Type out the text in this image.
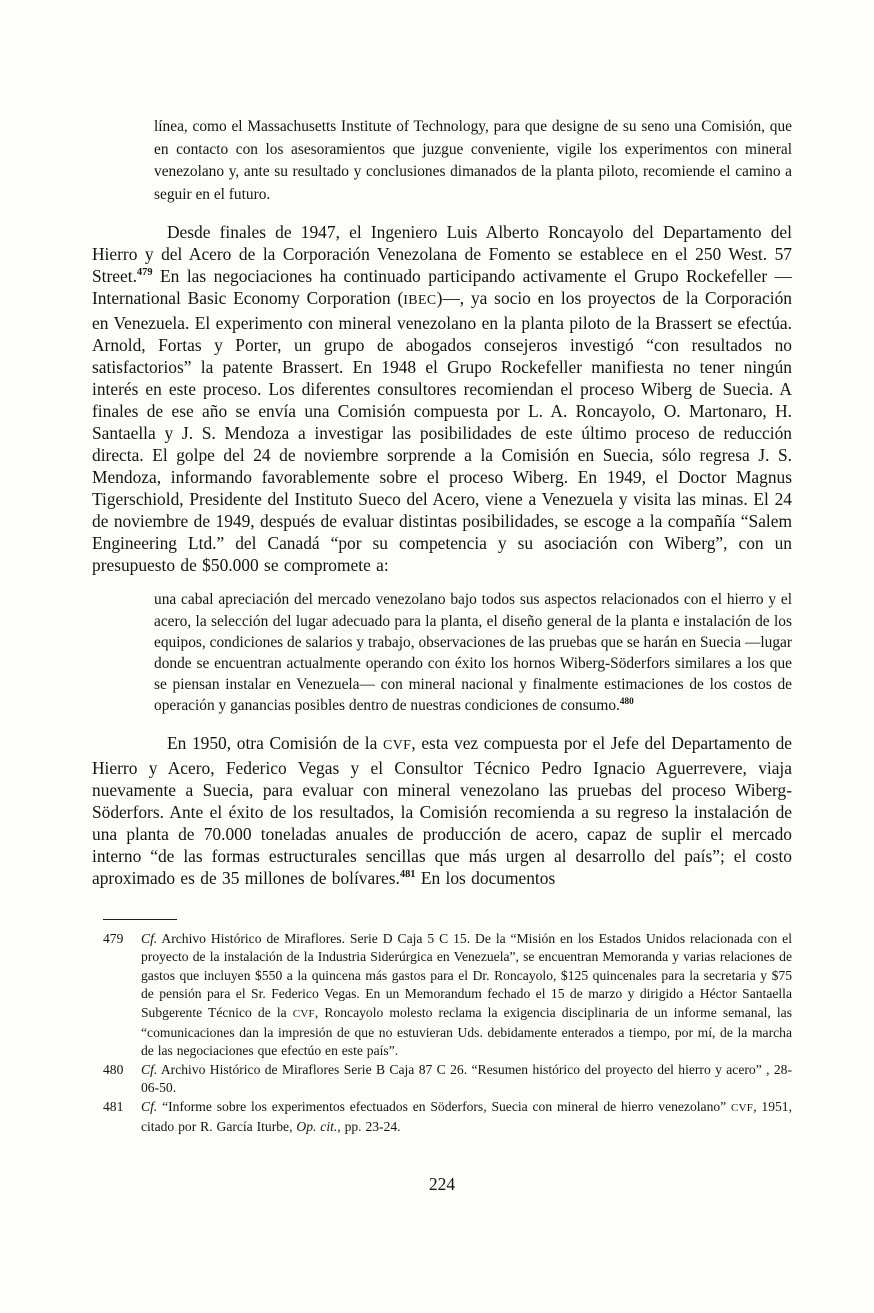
línea, como el Massachusetts Institute of Technology, para que designe de su seno una Comisión, que en contacto con los asesoramientos que juzgue conveniente, vigile los experimentos con mineral venezolano y, ante su resultado y conclusiones dimanados de la planta piloto, recomiende el camino a seguir en el futuro.

Desde finales de 1947, el Ingeniero Luis Alberto Roncayolo del Departamento del Hierro y del Acero de la Corporación Venezolana de Fomento se establece en el 250 West. 57 Street.$^{479}$ En las negociaciones ha continuado participando activamente el Grupo Rockefeller —International Basic Economy Corporation (IBEC)—, ya socio en los proyectos de la Corporación en Venezuela. El experimento con mineral venezolano en la planta piloto de la Brassert se efectúa. Arnold, Fortas y Porter, un grupo de abogados consejeros investigó “con resultados no satisfactorios” la patente Brassert. En 1948 el Grupo Rockefeller manifiesta no tener ningún interés en este proceso. Los diferentes consultores recomiendan el proceso Wiberg de Suecia. A finales de ese año se envía una Comisión compuesta por L. A. Roncayolo, O. Martonaro, H. Santaella y J. S. Mendoza a investigar las posibilidades de este último proceso de reducción directa. El golpe del 24 de noviembre sorprende a la Comisión en Suecia, sólo regresa J. S. Mendoza, informando favorablemente sobre el proceso Wiberg. En 1949, el Doctor Magnus Tigerschiold, Presidente del Instituto Sueco del Acero, viene a Venezuela y visita las minas. El 24 de noviembre de 1949, después de evaluar distintas posibilidades, se escoge a la compañía “Salem Engineering Ltd.” del Canadá “por su competencia y su asociación con Wiberg”, con un presupuesto de $50.000 se compromete a:

una cabal apreciación del mercado venezolano bajo todos sus aspectos relacionados con el hierro y el acero, la selección del lugar adecuado para la planta, el diseño general de la planta e instalación de los equipos, condiciones de salarios y trabajo, observaciones de las pruebas que se harán en Suecia —lugar donde se encuentran actualmente operando con éxito los hornos Wiberg-Söderfors similares a los que se piensan instalar en Venezuela— con mineral nacional y finalmente estimaciones de los costos de operación y ganancias posibles dentro de nuestras condiciones de consumo.$^{480}$

En 1950, otra Comisión de la CVF, esta vez compuesta por el Jefe del Departamento de Hierro y Acero, Federico Vegas y el Consultor Técnico Pedro Ignacio Aguerrevere, viaja nuevamente a Suecia, para evaluar con mineral venezolano las pruebas del proceso Wiberg-Söderfors. Ante el éxito de los resultados, la Comisión recomienda a su regreso la instalación de una planta de 70.000 toneladas anuales de producción de acero, capaz de suplir el mercado interno “de las formas estructurales sencillas que más urgen al desarrollo del país”; el costo aproximado es de 35 millones de bolívares.$^{481}$ En los documentos

479	Cf. Archivo Histórico de Miraflores. Serie D Caja 5 C 15. De la “Misión en los Estados Unidos relacionada con el proyecto de la instalación de la Industria Siderúrgica en Venezuela”, se encuentran Memoranda y varias relaciones de gastos que incluyen $550 a la quincena más gastos para el Dr. Roncayolo, $125 quincenales para la secretaria y $75 de pensión para el Sr. Federico Vegas. En un Memorandum fechado el 15 de marzo y dirigido a Héctor Santaella Subgerente Técnico de la CVF, Roncayolo molesto reclama la exigencia disciplinaria de un informe semanal, las “comunicaciones dan la impresión de que no estuvieran Uds. debidamente enterados a tiempo, por mí, de la marcha de las negociaciones que efectúo en este país”.
480	Cf. Archivo Histórico de Miraflores Serie B Caja 87 C 26. “Resumen histórico del proyecto del hierro y acero” , 28-06-50.
481	Cf. “Informe sobre los experimentos efectuados en Söderfors, Suecia con mineral de hierro venezolano” CVF, 1951, citado por R. García Iturbe, Op. cit., pp. 23-24.
224
